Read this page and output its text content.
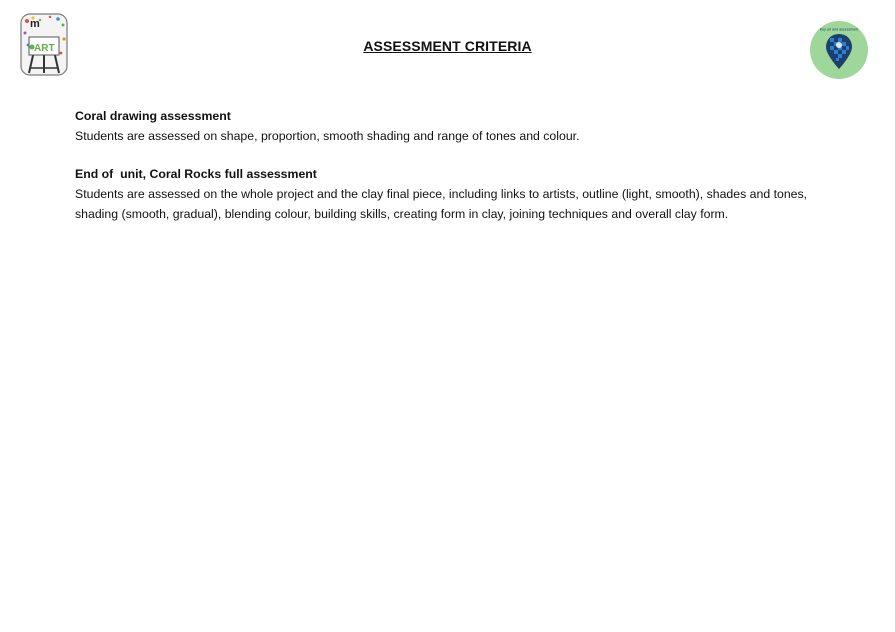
m
ART	ASSESSMENT CRITERIA
Key art and assessment
Coral drawing assessment
Students are assessed on shape, proportion, smooth shading and range of tones and colour.
End of  unit, Coral Rocks full assessment
Students are assessed on the whole project and the clay final piece, including links to artists, outline (light, smooth), shades and tones, shading (smooth, gradual), blending colour, building skills, creating form in clay, joining techniques and overall clay form.
